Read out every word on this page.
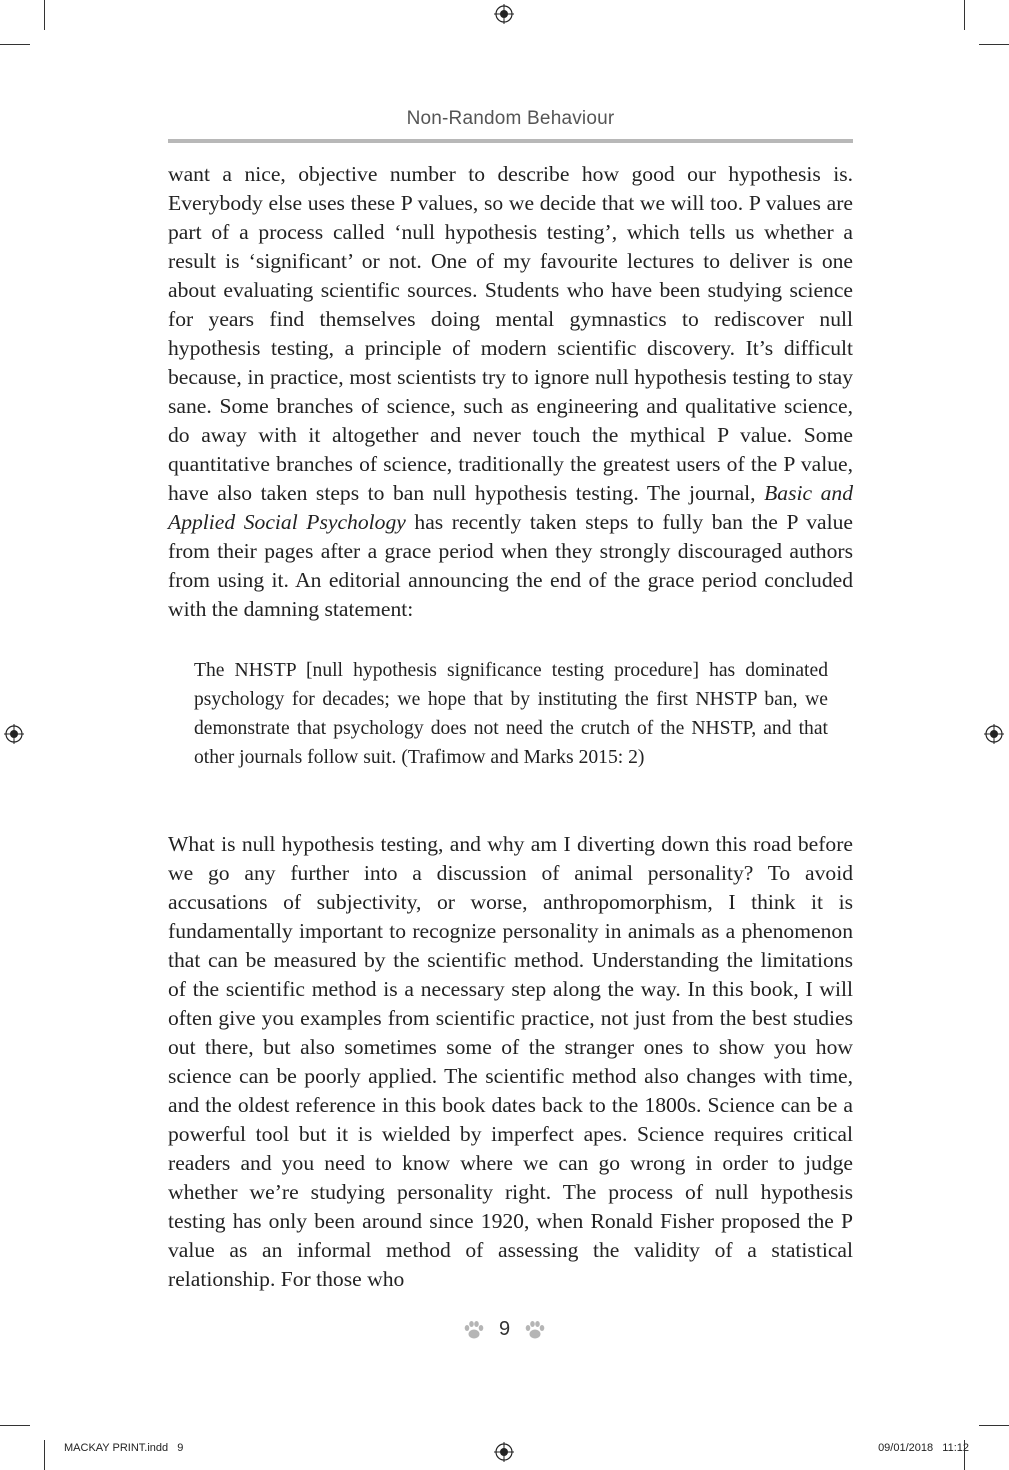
Non-Random Behaviour
want a nice, objective number to describe how good our hypothesis is. Everybody else uses these P values, so we decide that we will too. P values are part of a process called ‘null hypothesis testing’, which tells us whether a result is ‘significant’ or not. One of my favourite lectures to deliver is one about evaluating scientific sources. Students who have been studying science for years find themselves doing mental gymnastics to rediscover null hypothesis testing, a principle of modern scientific discovery. It’s difficult because, in practice, most scientists try to ignore null hypothesis testing to stay sane. Some branches of science, such as engineering and qualitative science, do away with it altogether and never touch the mythical P value. Some quantitative branches of science, traditionally the greatest users of the P value, have also taken steps to ban null hypothesis testing. The journal, Basic and Applied Social Psychology has recently taken steps to fully ban the P value from their pages after a grace period when they strongly discouraged authors from using it. An editorial announcing the end of the grace period concluded with the damning statement:
The NHSTP [null hypothesis significance testing procedure] has dominated psychology for decades; we hope that by instituting the first NHSTP ban, we demonstrate that psychology does not need the crutch of the NHSTP, and that other journals follow suit. (Trafimow and Marks 2015: 2)
What is null hypothesis testing, and why am I diverting down this road before we go any further into a discussion of animal personality? To avoid accusations of subjectivity, or worse, anthropomorphism, I think it is fundamentally important to recognize personality in animals as a phenomenon that can be measured by the scientific method. Understanding the limitations of the scientific method is a necessary step along the way. In this book, I will often give you examples from scientific practice, not just from the best studies out there, but also sometimes some of the stranger ones to show you how science can be poorly applied. The scientific method also changes with time, and the oldest reference in this book dates back to the 1800s. Science can be a powerful tool but it is wielded by imperfect apes. Science requires critical readers and you need to know where we can go wrong in order to judge whether we’re studying personality right. The process of null hypothesis testing has only been around since 1920, when Ronald Fisher proposed the P value as an informal method of assessing the validity of a statistical relationship. For those who
9
MACKAY PRINT.indd   9	09/01/2018   11:12
